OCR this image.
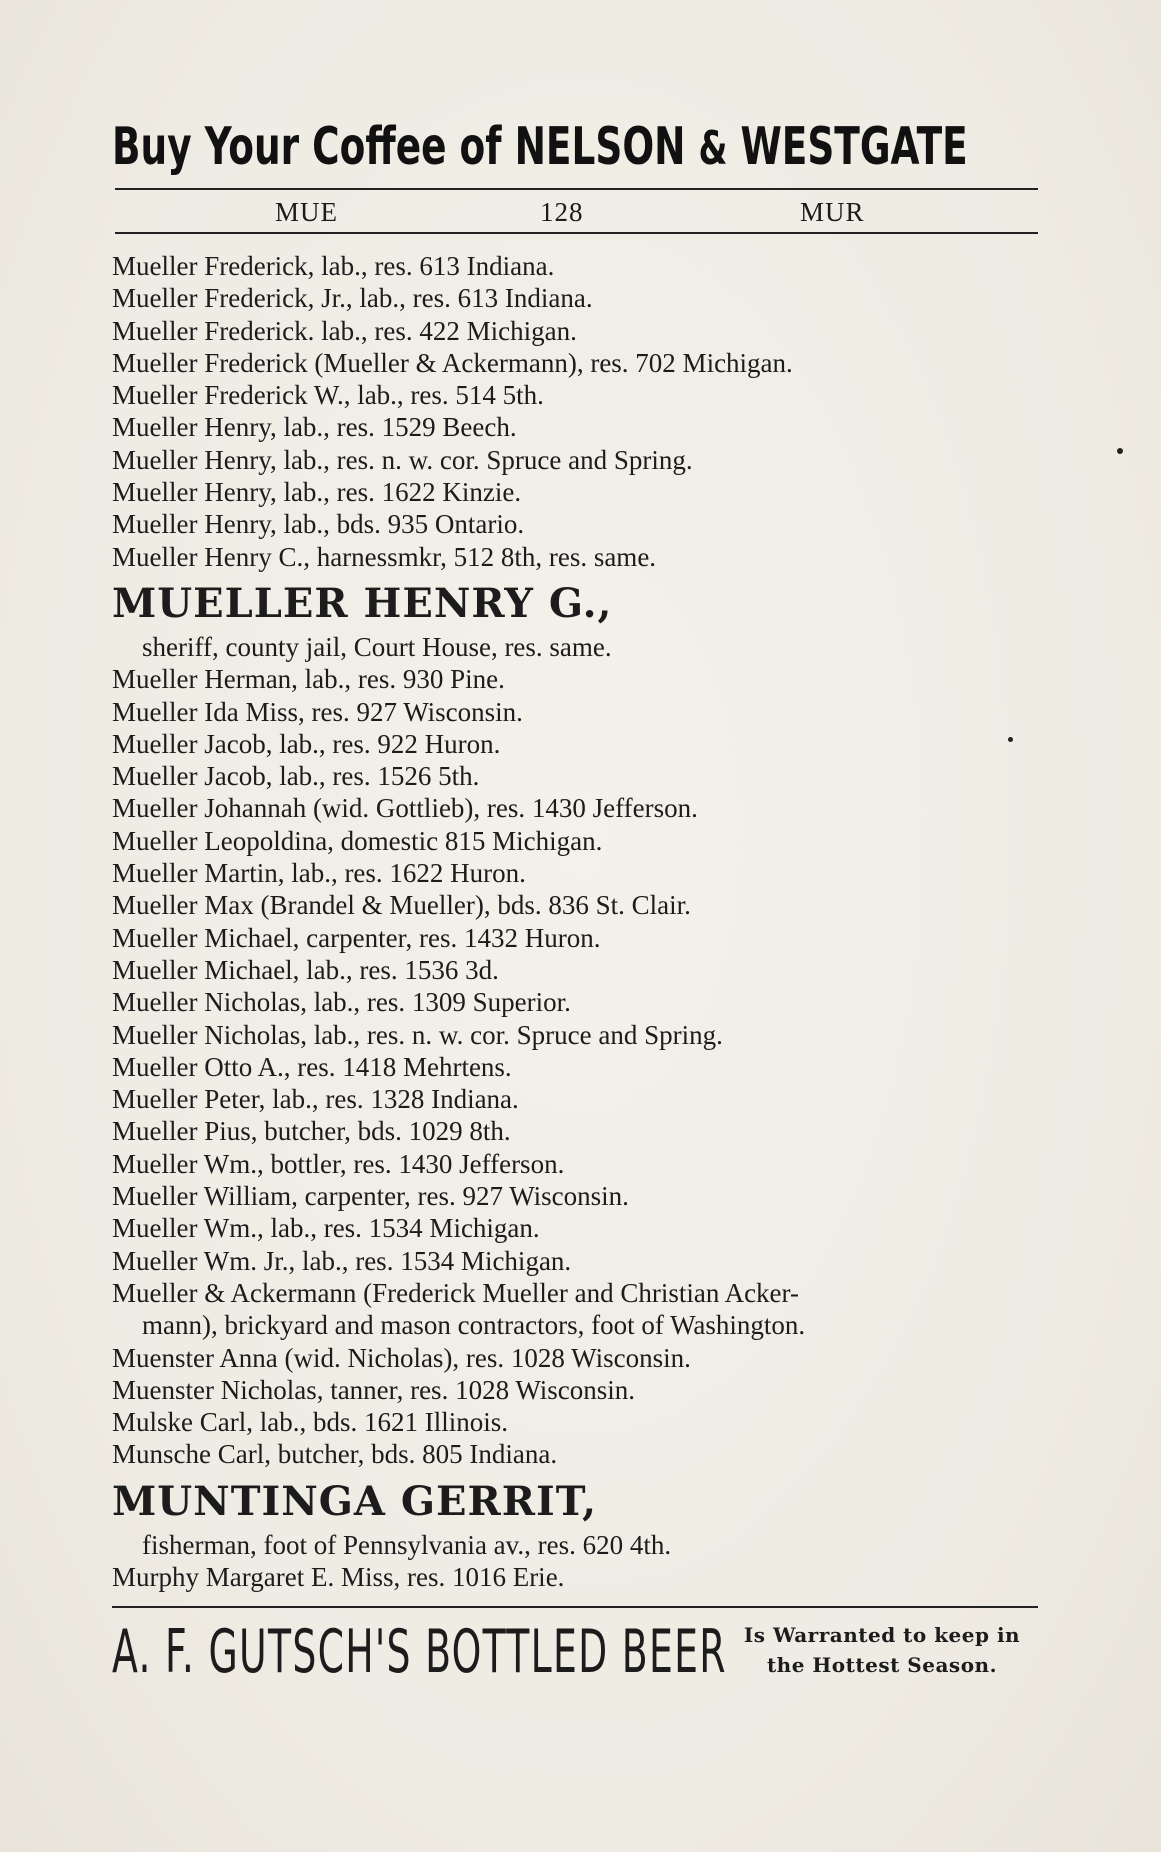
Buy Your Coffee of NELSON & WESTGATE
MUE	128	MUR
Mueller Frederick, lab., res. 613 Indiana.
Mueller Frederick, Jr., lab., res. 613 Indiana.
Mueller Frederick. lab., res. 422 Michigan.
Mueller Frederick (Mueller & Ackermann), res. 702 Michigan.
Mueller Frederick W., lab., res. 514 5th.
Mueller Henry, lab., res. 1529 Beech.
Mueller Henry, lab., res. n. w. cor. Spruce and Spring.
Mueller Henry, lab., res. 1622 Kinzie.
Mueller Henry, lab., bds. 935 Ontario.
Mueller Henry C., harnessmkr, 512 8th, res. same.
MUELLER HENRY G.,
sheriff, county jail, Court House, res. same.
Mueller Herman, lab., res. 930 Pine.
Mueller Ida Miss, res. 927 Wisconsin.
Mueller Jacob, lab., res. 922 Huron.
Mueller Jacob, lab., res. 1526 5th.
Mueller Johannah (wid. Gottlieb), res. 1430 Jefferson.
Mueller Leopoldina, domestic 815 Michigan.
Mueller Martin, lab., res. 1622 Huron.
Mueller Max (Brandel & Mueller), bds. 836 St. Clair.
Mueller Michael, carpenter, res. 1432 Huron.
Mueller Michael, lab., res. 1536 3d.
Mueller Nicholas, lab., res. 1309 Superior.
Mueller Nicholas, lab., res. n. w. cor. Spruce and Spring.
Mueller Otto A., res. 1418 Mehrtens.
Mueller Peter, lab., res. 1328 Indiana.
Mueller Pius, butcher, bds. 1029 8th.
Mueller Wm., bottler, res. 1430 Jefferson.
Mueller William, carpenter, res. 927 Wisconsin.
Mueller Wm., lab., res. 1534 Michigan.
Mueller Wm. Jr., lab., res. 1534 Michigan.
Mueller & Ackermann (Frederick Mueller and Christian Acker-
mann), brickyard and mason contractors, foot of Washington.
Muenster Anna (wid. Nicholas), res. 1028 Wisconsin.
Muenster Nicholas, tanner, res. 1028 Wisconsin.
Mulske Carl, lab., bds. 1621 Illinois.
Munsche Carl, butcher, bds. 805 Indiana.
MUNTINGA GERRIT,
fisherman, foot of Pennsylvania av., res. 620 4th.
Murphy Margaret E. Miss, res. 1016 Erie.
A. F. GUTSCH'S BOTTLED BEER Is Warranted to keep in
the Hottest Season.
